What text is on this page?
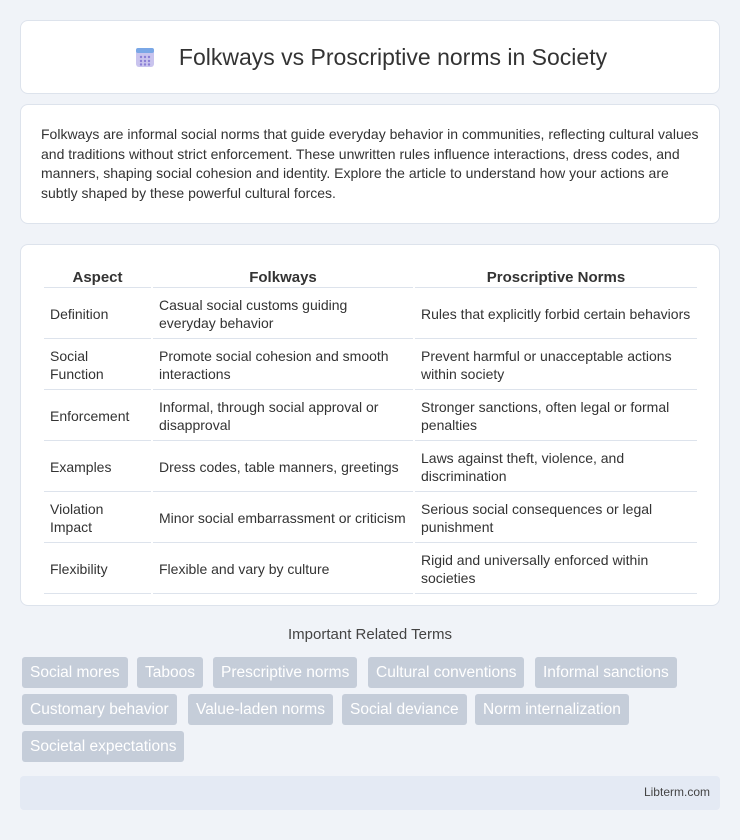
Folkways vs Proscriptive norms in Society

Folkways are informal social norms that guide everyday behavior in communities, reflecting cultural values and traditions without strict enforcement. These unwritten rules influence interactions, dress codes, and manners, shaping social cohesion and identity. Explore the article to understand how your actions are subtly shaped by these powerful cultural forces.

Aspect	Folkways	Proscriptive Norms
Definition	Casual social customs guiding everyday behavior	Rules that explicitly forbid certain behaviors
Social Function	Promote social cohesion and smooth interactions	Prevent harmful or unacceptable actions within society
Enforcement	Informal, through social approval or disapproval	Stronger sanctions, often legal or formal penalties
Examples	Dress codes, table manners, greetings	Laws against theft, violence, and discrimination
Violation Impact	Minor social embarrassment or criticism	Serious social consequences or legal punishment
Flexibility	Flexible and vary by culture	Rigid and universally enforced within societies
Important Related Terms
Social mores	Taboos	Prescriptive norms	Cultural conventions	Informal sanctions
Customary behavior	Value-laden norms	Social deviance	Norm internalization
Societal expectations
Libterm.com
